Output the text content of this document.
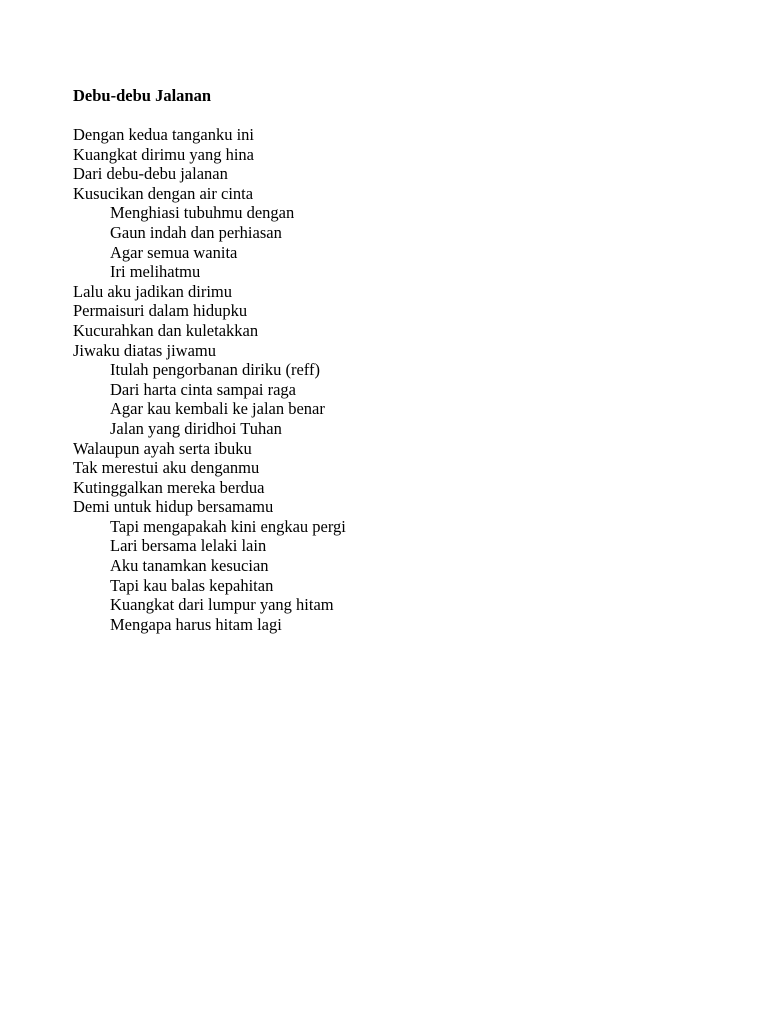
Debu-debu Jalanan
Dengan kedua tanganku ini
Kuangkat dirimu yang hina
Dari debu-debu jalanan
Kusucikan dengan air cinta
Menghiasi tubuhmu dengan
Gaun indah dan perhiasan
Agar semua wanita
Iri melihatmu
Lalu aku jadikan dirimu
Permaisuri dalam hidupku
Kucurahkan dan kuletakkan
Jiwaku diatas jiwamu
Itulah pengorbanan diriku (reff)
Dari harta cinta sampai raga
Agar kau kembali ke jalan benar
Jalan yang diridhoi Tuhan
Walaupun ayah serta ibuku
Tak merestui aku denganmu
Kutinggalkan mereka berdua
Demi untuk hidup bersamamu
Tapi mengapakah kini engkau pergi
Lari bersama lelaki lain
Aku tanamkan kesucian
Tapi kau balas kepahitan
Kuangkat dari lumpur yang hitam
Mengapa harus hitam lagi
